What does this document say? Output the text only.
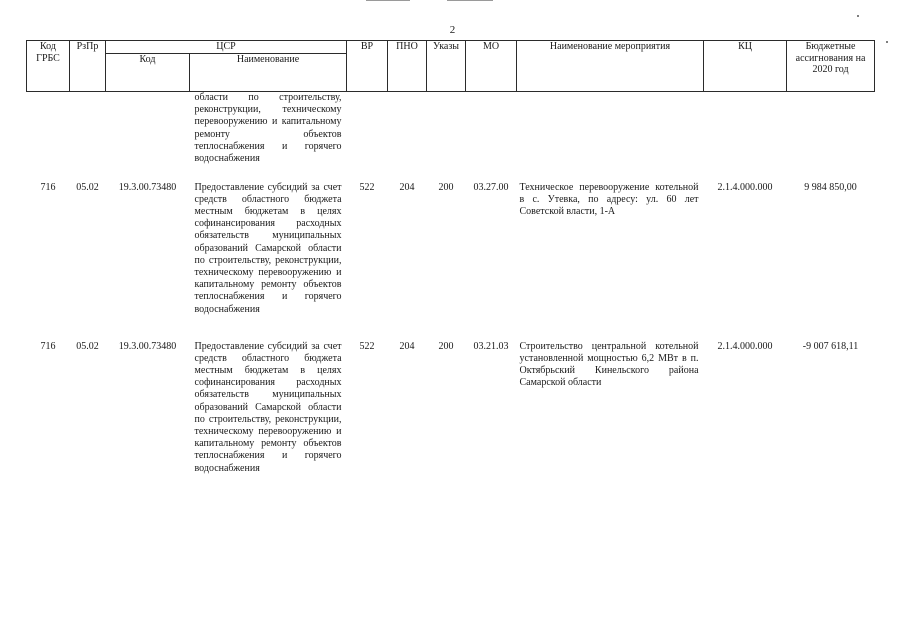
2
Код ГРБС	РзПр	ЦСР		ВР	ПНО	Указы	МО	Наименование мероприятия	КЦ	Бюджетные ассигнования на 2020 год
		Код	Наименование							

			области по строительству, реконструкции, техническому перевооружению и капитальному ремонту объектов теплоснабжения и горячего водоснабжения							

716	05.02	19.3.00.73480	Предоставление субсидий за счет средств областного бюджета местным бюджетам в целях софинансирования расходных обязательств муниципальных образований Самарской области по строительству, реконструкции, техническому перевооружению и капитальному ремонту объектов теплоснабжения и горячего водоснабжения	522	204	200	03.27.00	Техническое перевооружение котельной в с. Утевка, по адресу: ул. 60 лет Советской власти, 1-А	2.1.4.000.000	9 984 850,00
716	05.02	19.3.00.73480	Предоставление субсидий за счет средств областного бюджета местным бюджетам в целях софинансирования расходных обязательств муниципальных образований Самарской области по строительству, реконструкции, техническому перевооружению и капитальному ремонту объектов теплоснабжения и горячего водоснабжения	522	204	200	03.21.03	Строительство центральной котельной установленной мощностью 6,2 МВт в п. Октябрьский Кинельского района Самарской области	2.1.4.000.000	-9 007 618,11
